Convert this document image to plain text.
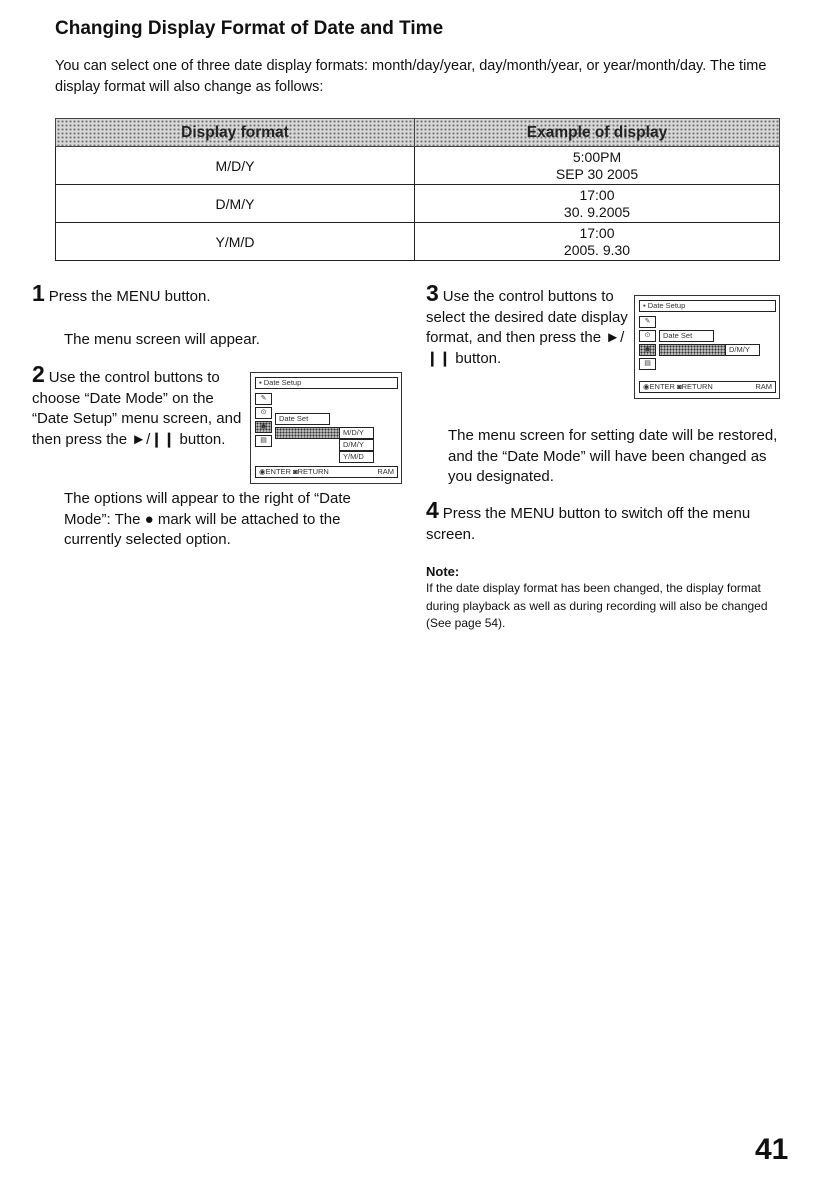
Changing Display Format of Date and Time
You can select one of three date display formats: month/day/year, day/month/year, or year/month/day. The time display format will also change as follows:
Display format	Example of display
M/D/Y	5:00PM
SEP 30 2005

D/M/Y	17:00
30. 9.2005

Y/M/D	17:00
2005. 9.30
1 Press the MENU button.
The menu screen will appear.
2 Use the control buttons to choose “Date Mode” on the “Date Setup” menu screen, and then press the ►/❙❙ button.
The options will appear to the right of “Date Mode”: The ● mark will be attached to the currently selected option.
▪ Date Setup
✎
⊙
▣
▤
Date Set
M/D/Y
D/M/Y
Y/M/D
◉ENTER ◙RETURN	RAM
3 Use the control buttons to select the desired date display format, and then press the ►/❙❙ button.
The menu screen for setting date will be restored, and the “Date Mode” will have been changed as you designated.
▪ Date Setup
✎
⊙
▣
▤
Date Set
D/M/Y
◉ENTER ◙RETURN	RAM
4 Press the MENU button to switch off the menu screen.
Note:
If the date display format has been changed, the display format during playback as well as during recording will also be changed (See page 54).
41
